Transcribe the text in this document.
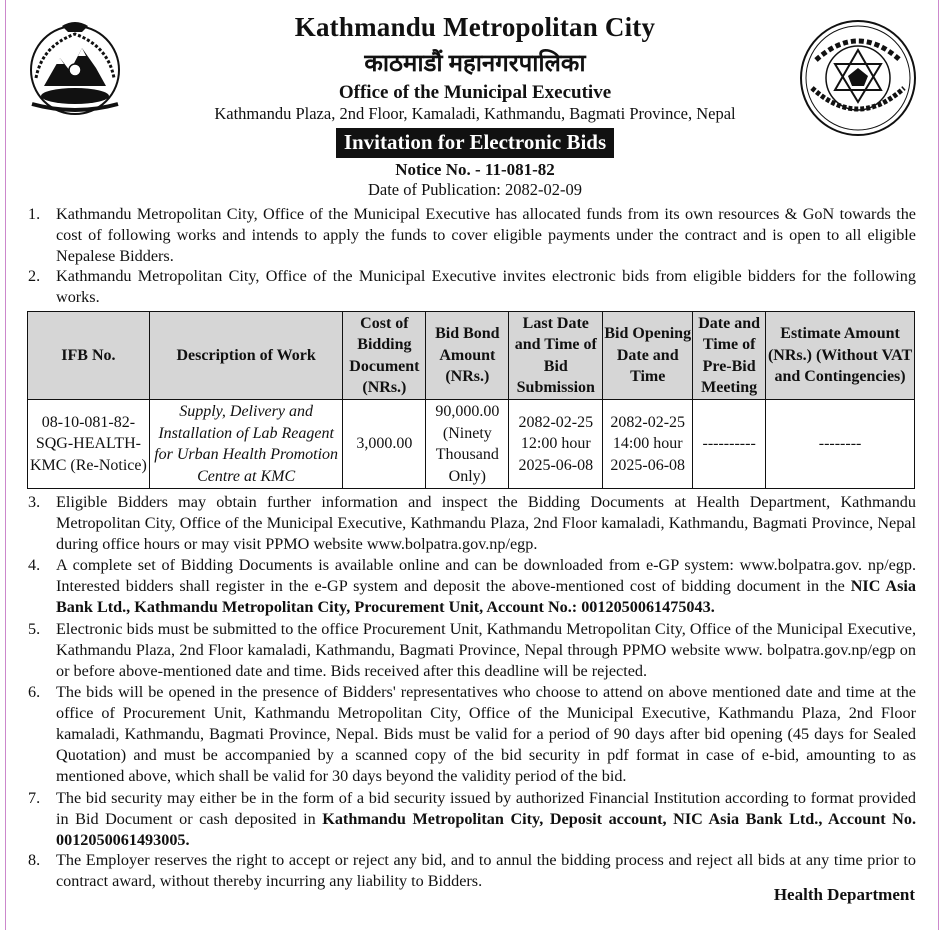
Kathmandu Metropolitan City
काठमाडौं महानगरपालिका
Office of the Municipal Executive
Kathmandu Plaza, 2nd Floor, Kamaladi, Kathmandu, Bagmati Province, Nepal
Invitation for Electronic Bids
Notice No. - 11-081-82
Date of Publication: 2082-02-09
1. Kathmandu Metropolitan City, Office of the Municipal Executive has allocated funds from its own resources & GoN towards the cost of following works and intends to apply the funds to cover eligible payments under the contract and is open to all eligible Nepalese Bidders.
2. Kathmandu Metropolitan City, Office of the Municipal Executive invites electronic bids from eligible bidders for the following works.
IFB No.	Description of Work	Cost of Bidding Document (NRs.)	Bid Bond Amount (NRs.)	Last Date and Time of Bid Submission	Bid Opening Date and Time	Date and Time of Pre-Bid Meeting	Estimate Amount (NRs.) (Without VAT and Contingencies)
08-10-081-82-SQG-HEALTH-KMC (Re-Notice)	Supply, Delivery and Installation of Lab Reagent for Urban Health Promotion Centre at KMC	3,000.00	90,000.00 (Ninety Thousand Only)	2082-02-25 12:00 hour 2025-06-08	2082-02-25 14:00 hour 2025-06-08	----------	--------
3. Eligible Bidders may obtain further information and inspect the Bidding Documents at Health Department, Kathmandu Metropolitan City, Office of the Municipal Executive, Kathmandu Plaza, 2nd Floor kamaladi, Kathmandu, Bagmati Province, Nepal during office hours or may visit PPMO website www.bolpatra.gov.np/egp.
4. A complete set of Bidding Documents is available online and can be downloaded from e-GP system: www.bolpatra.gov. np/egp. Interested bidders shall register in the e-GP system and deposit the above-mentioned cost of bidding document in the NIC Asia Bank Ltd., Kathmandu Metropolitan City, Procurement Unit, Account No.: 0012050061475043.
5. Electronic bids must be submitted to the office Procurement Unit, Kathmandu Metropolitan City, Office of the Municipal Executive, Kathmandu Plaza, 2nd Floor kamaladi, Kathmandu, Bagmati Province, Nepal through PPMO website www. bolpatra.gov.np/egp on or before above-mentioned date and time. Bids received after this deadline will be rejected.
6. The bids will be opened in the presence of Bidders' representatives who choose to attend on above mentioned date and time at the office of Procurement Unit, Kathmandu Metropolitan City, Office of the Municipal Executive, Kathmandu Plaza, 2nd Floor kamaladi, Kathmandu, Bagmati Province, Nepal. Bids must be valid for a period of 90 days after bid opening (45 days for Sealed Quotation) and must be accompanied by a scanned copy of the bid security in pdf format in case of e-bid, amounting to as mentioned above, which shall be valid for 30 days beyond the validity period of the bid.
7. The bid security may either be in the form of a bid security issued by authorized Financial Institution according to format provided in Bid Document or cash deposited in Kathmandu Metropolitan City, Deposit account, NIC Asia Bank Ltd., Account No. 0012050061493005.
8. The Employer reserves the right to accept or reject any bid, and to annul the bidding process and reject all bids at any time prior to contract award, without thereby incurring any liability to Bidders.
Health Department
